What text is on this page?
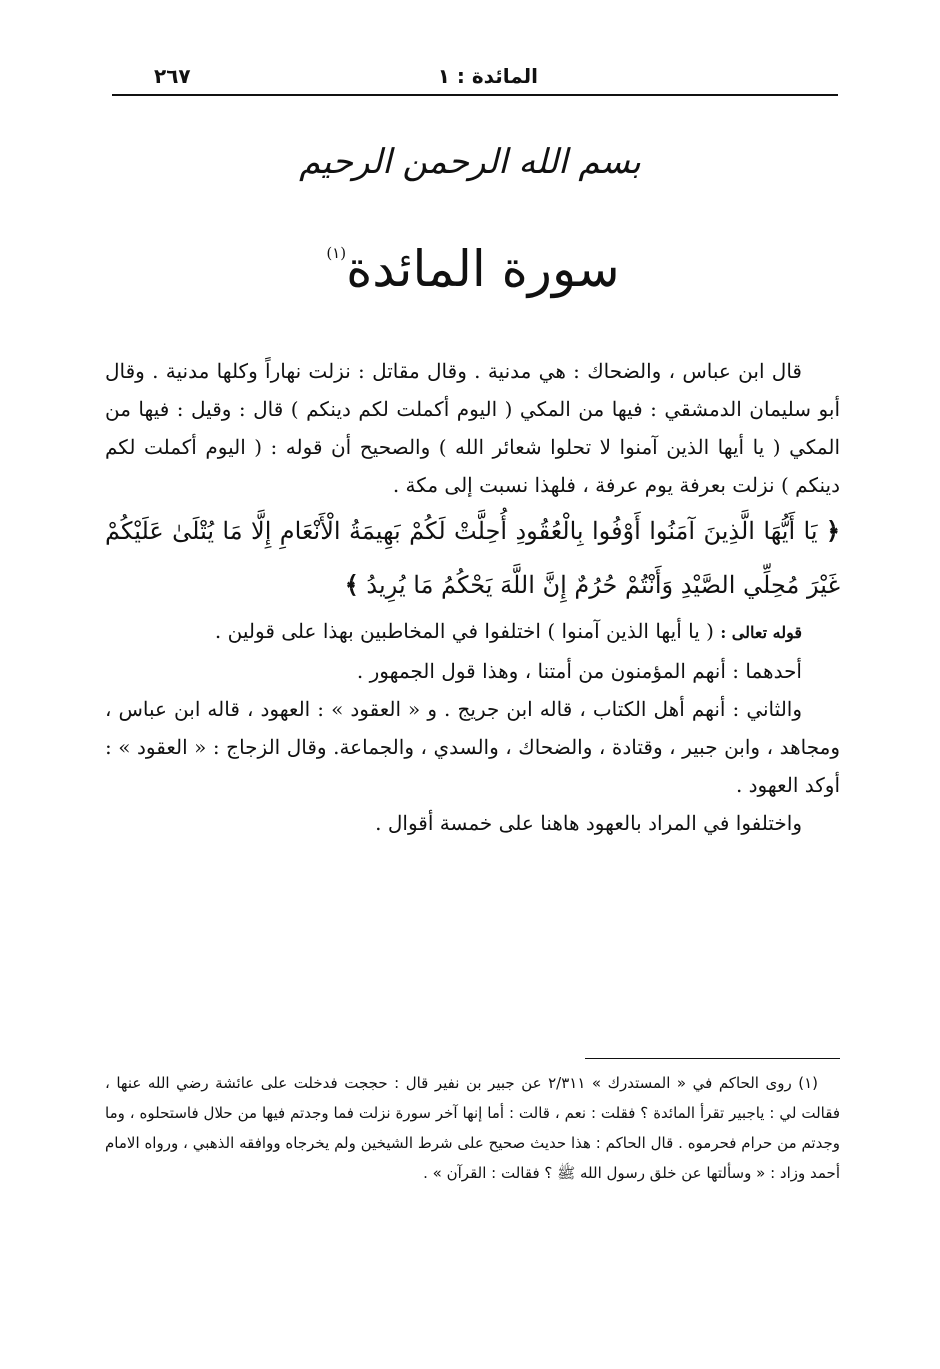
المائدة : ١
٢٦٧
بسم الله الرحمن الرحيم
سورة المائدة$^{(١)}$

قال ابن عباس ، والضحاك : هي مدنية . وقال مقاتل : نزلت نهاراً وكلها مدنية . وقال أبو سليمان الدمشقي : فيها من المكي ( اليوم أكملت لكم دينكم ) قال : وقيل : فيها من المكي ( يا أيها الذين آمنوا لا تحلوا شعائر الله ) والصحيح أن قوله : ( اليوم أكملت لكم دينكم ) نزلت بعرفة يوم عرفة ، فلهذا نسبت إلى مكة .

﴿ يَا أَيُّهَا الَّذِينَ آمَنُوا أَوْفُوا بِالْعُقُودِ أُحِلَّتْ لَكُمْ بَهِيمَةُ الْأَنْعَامِ إِلَّا مَا يُتْلَىٰ عَلَيْكُمْ غَيْرَ مُحِلِّي الصَّيْدِ وَأَنْتُمْ حُرُمٌ إِنَّ اللَّهَ يَحْكُمُ مَا يُرِيدُ ﴾

قوله تعالى : ( يا أيها الذين آمنوا ) اختلفوا في المخاطبين بهذا على قولين .

أحدهما : أنهم المؤمنون من أمتنا ، وهذا قول الجمهور .

والثاني : أنهم أهل الكتاب ، قاله ابن جريج . و « العقود » : العهود ، قاله ابن عباس ، ومجاهد ، وابن جبير ، وقتادة ، والضحاك ، والسدي ، والجماعة. وقال الزجاج : « العقود » : أوكد العهود .

واختلفوا في المراد بالعهود هاهنا على خمسة أقوال .

(١) روى الحاكم في « المستدرك » ٢/٣١١ عن جبير بن نفير قال : حججت فدخلت على عائشة رضي الله عنها ، فقالت لي : ياجبير تقرأ المائدة ؟ فقلت : نعم ، قالت : أما إنها آخر سورة نزلت فما وجدتم فيها من حلال فاستحلوه ، وما وجدتم من حرام فحرموه . قال الحاكم : هذا حديث صحيح على شرط الشيخين ولم يخرجاه ووافقه الذهبي ، ورواه الامام أحمد وزاد : « وسألتها عن خلق رسول الله ﷺ ؟ فقالت : القرآن » .
